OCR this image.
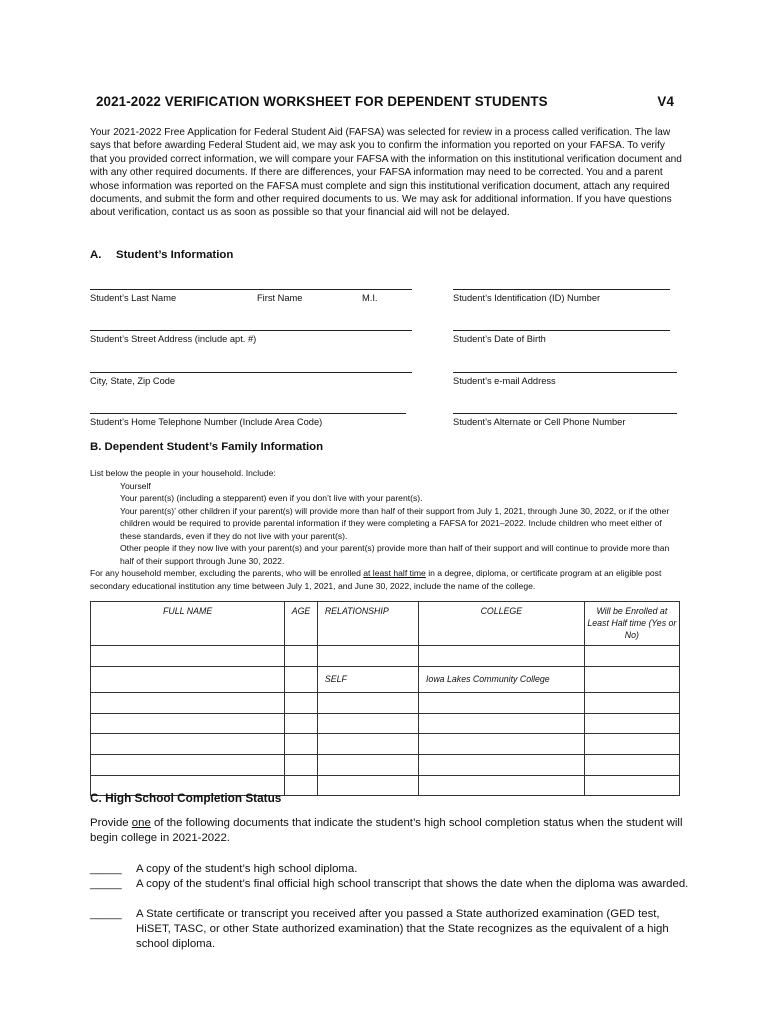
2021-2022 VERIFICATION WORKSHEET FOR DEPENDENT STUDENTS	V4

Your 2021-2022 Free Application for Federal Student Aid (FAFSA) was selected for review in a process called verification. The law says that before awarding Federal Student aid, we may ask you to confirm the information you reported on your FAFSA. To verify that you provided correct information, we will compare your FAFSA with the information on this institutional verification document and with any other required documents. If there are differences, your FAFSA information may need to be corrected. You and a parent whose information was reported on the FAFSA must complete and sign this institutional verification document, attach any required documents, and submit the form and other required documents to us. We may ask for additional information. If you have questions about verification, contact us as soon as possible so that your financial aid will not be delayed.

A. Student’s Information
Student’s Last Name	First Name	M.I.	Student’s Identification (ID) Number
Student’s Street Address (include apt. #)	Student’s Date of Birth
City, State, Zip Code	Student’s e-mail Address
Student’s Home Telephone Number (Include Area Code)	Student’s Alternate or Cell Phone Number
B. Dependent Student’s Family Information

List below the people in your household. Include:

Yourself
Your parent(s) (including a stepparent) even if you don’t live with your parent(s).
Your parent(s)’ other children if your parent(s) will provide more than half of their support from July 1, 2021, through June 30, 2022, or if the other children would be required to provide parental information if they were completing a FAFSA for 2021–2022. Include children who meet either of these standards, even if they do not live with your parent(s).
Other people if they now live with your parent(s) and your parent(s) provide more than half of their support and will continue to provide more than half of their support through June 30, 2022.

For any household member, excluding the parents, who will be enrolled at least half time in a degree, diploma, or certificate program at an eligible post secondary educational institution any time between July 1, 2021, and June 30, 2022, include the name of the college.

FULL NAME	AGE	RELATIONSHIP	COLLEGE	Will be Enrolled at Least Half time (Yes or No)

		SELF	Iowa Lakes Community College	

C. High School Completion Status

Provide one of the following documents that indicate the student’s high school completion status when the student will begin college in 2021-2022.

_____	A copy of the student’s high school diploma.
_____	A copy of the student’s final official high school transcript that shows the date when the diploma was awarded.
_____	A State certificate or transcript you received after you passed a State authorized examination (GED test, HiSET, TASC, or other State authorized examination) that the State recognizes as the equivalent of a high school diploma.
